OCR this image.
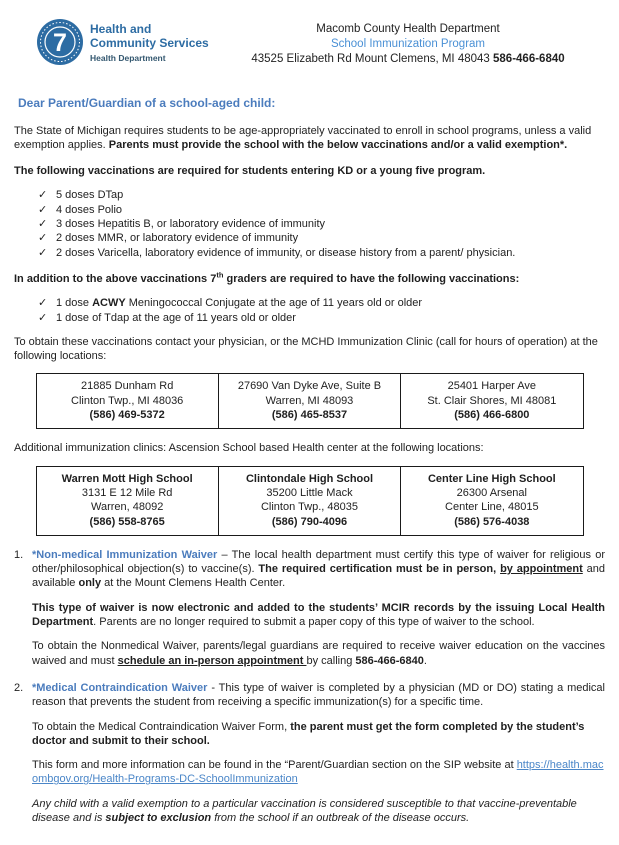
7 Health and
Community Services
Health Department
Macomb County Health Department
School Immunization Program
43525 Elizabeth Rd Mount Clemens, MI 48043 586-466-6840
Dear Parent/Guardian of a school-aged child:

The State of Michigan requires students to be age-appropriately vaccinated to enroll in school programs, unless a valid exemption applies. Parents must provide the school with the below vaccinations and/or a valid exemption*.

The following vaccinations are required for students entering KD or a young five program.
✓ 5 doses DTap
✓ 4 doses Polio
✓ 3 doses Hepatitis B, or laboratory evidence of immunity
✓ 2 doses MMR, or laboratory evidence of immunity
✓ 2 doses Varicella, laboratory evidence of immunity, or disease history from a parent/ physician.
In addition to the above vaccinations 7th graders are required to have the following vaccinations:
✓ 1 dose ACWY Meningococcal Conjugate at the age of 11 years old or older
✓ 1 dose of Tdap at the age of 11 years old or older

To obtain these vaccinations contact your physician, or the MCHD Immunization Clinic (call for hours of operation) at the following locations:

21885 Dunham Rd
Clinton Twp., MI 48036
(586) 469-5372

27690 Van Dyke Ave, Suite B
Warren, MI 48093
(586) 465-8537

25401 Harper Ave
St. Clair Shores, MI 48081
(586) 466-6800

Additional immunization clinics: Ascension School based Health center at the following locations:

Warren Mott High School
3131 E 12 Mile Rd
Warren, 48092
(586) 558-8765

Clintondale High School
35200 Little Mack
Clinton Twp., 48035
(586) 790-4096

Center Line High School
26300 Arsenal
Center Line, 48015
(586) 576-4038
1. *Non-medical Immunization Waiver – The local health department must certify this type of waiver for religious or other/philosophical objection(s) to vaccine(s). The required certification must be in person, by appointment and available only at the Mount Clemens Health Center.

This type of waiver is now electronic and added to the students’ MCIR records by the issuing Local Health Department. Parents are no longer required to submit a paper copy of this type of waiver to the school.

To obtain the Nonmedical Waiver, parents/legal guardians are required to receive waiver education on the vaccines waived and must schedule an in-person appointment by calling 586-466-6840.

2. *Medical Contraindication Waiver - This type of waiver is completed by a physician (MD or DO) stating a medical reason that prevents the student from receiving a specific immunization(s) for a specific time.

To obtain the Medical Contraindication Waiver Form, the parent must get the form completed by the student’s doctor and submit to their school.

This form and more information can be found in the “Parent/Guardian section on the SIP website at https://health.macombgov.org/Health-Programs-DC-SchoolImmunization

Any child with a valid exemption to a particular vaccination is considered susceptible to that vaccine-preventable disease and is subject to exclusion from the school if an outbreak of the disease occurs.
